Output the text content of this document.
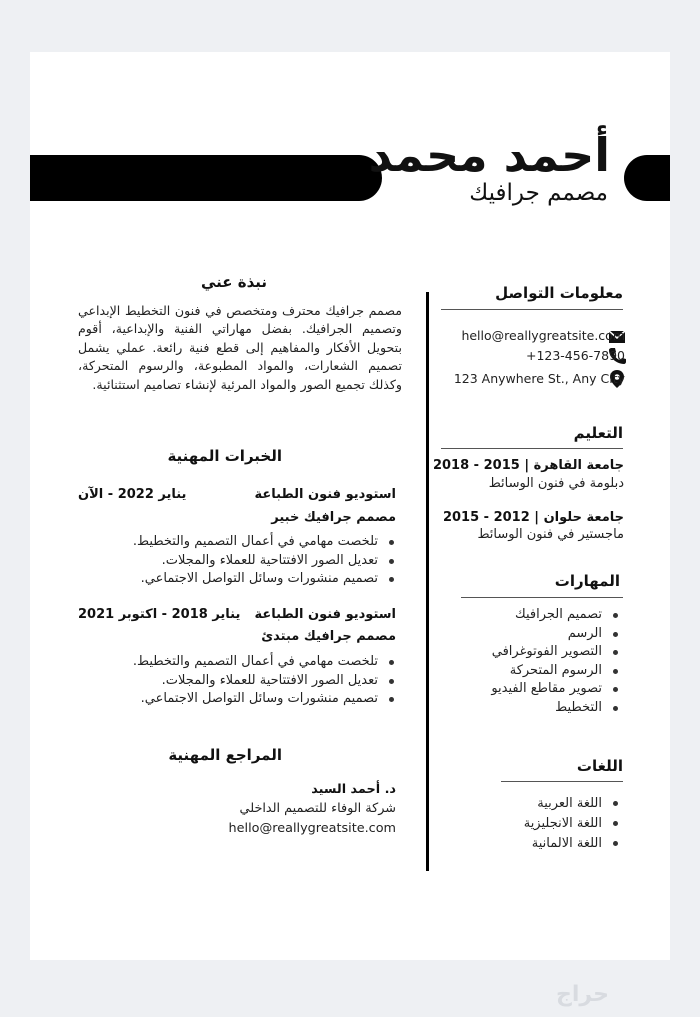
أحمد محمد
مصمم جرافيك
معلومات التواصل
hello@reallygreatsite.com
+123-456-7890
123 Anywhere St., Any City
التعليم
جامعة القاهرة | 2015 - 2018
دبلومة في فنون الوسائط
جامعة حلوان | 2012 - 2015
ماجستير في فنون الوسائط
المهارات
تصميم الجرافيك
الرسم
التصوير الفوتوغرافي
الرسوم المتحركة
تصوير مقاطع الفيديو
التخطيط
اللغات
اللغة العربية
اللغة الانجليزية
اللغة الالمانية
نبذة عني
مصمم جرافيك محترف ومتخصص في فنون التخطيط الإبداعي وتصميم الجرافيك. بفضل مهاراتي الفنية والإبداعية، أقوم بتحويل الأفكار والمفاهيم إلى قطع فنية رائعة. عملي يشمل تصميم الشعارات، والمواد المطبوعة، والرسوم المتحركة، وكذلك تجميع الصور والمواد المرئية لإنشاء تصاميم استثنائية.
الخبرات المهنية
استوديو فنون الطباعة
يناير 2022 - الآن
مصمم جرافيك خبير
تلخصت مهامي في أعمال التصميم والتخطيط.
تعديل الصور الافتتاحية للعملاء والمجلات.
تصميم منشورات وسائل التواصل الاجتماعي.
استوديو فنون الطباعة
يناير 2018 - اكتوبر 2021
مصمم جرافيك مبتدئ
تلخصت مهامي في أعمال التصميم والتخطيط.
تعديل الصور الافتتاحية للعملاء والمجلات.
تصميم منشورات وسائل التواصل الاجتماعي.
المراجع المهنية
د. أحمد السيد
شركة الوفاء للتصميم الداخلي
hello@reallygreatsite.com
حراج
